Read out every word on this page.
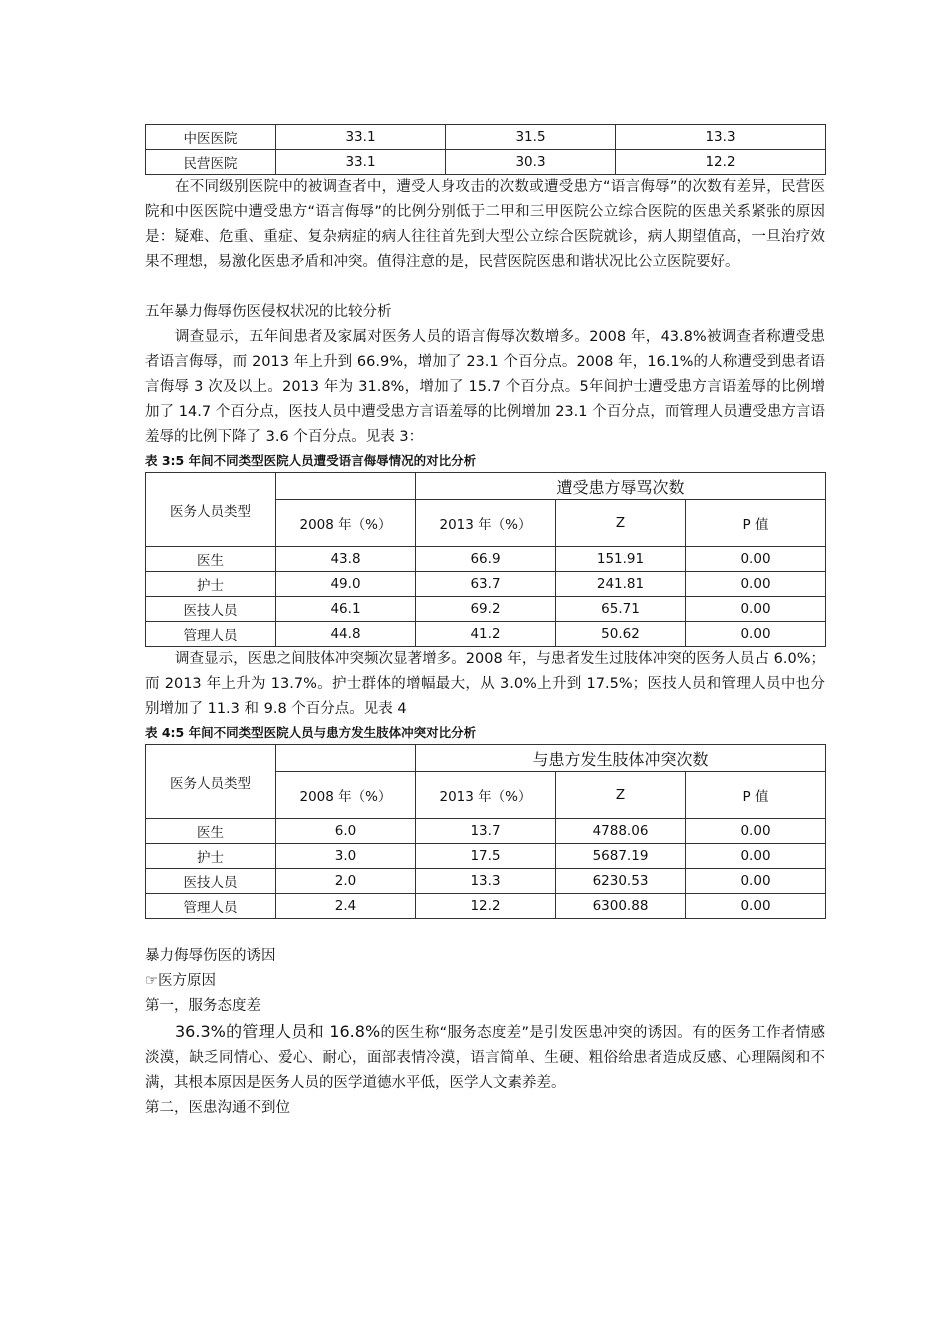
中医医院	33.1	31.5	13.3
民营医院	33.1	30.3	12.2

在不同级别医院中的被调查者中，遭受人身攻击的次数或遭受患方“语言侮辱”的次数有差异，民营医院和中医医院中遭受患方“语言侮辱”的比例分别低于二甲和三甲医院公立综合医院的医患关系紧张的原因是：疑难、危重、重症、复杂病症的病人往往首先到大型公立综合医院就诊，病人期望值高，一旦治疗效果不理想，易激化医患矛盾和冲突。值得注意的是，民营医院医患和谐状况比公立医院要好。

五年暴力侮辱伤医侵权状况的比较分析

调查显示，五年间患者及家属对医务人员的语言侮辱次数增多。2008 年，43.8%被调查者称遭受患者语言侮辱，而 2013 年上升到 66.9%，增加了 23.1 个百分点。2008 年，16.1%的人称遭受到患者语言侮辱 3 次及以上。2013 年为 31.8%，增加了 15.7 个百分点。5年间护士遭受患方言语羞辱的比例增加了 14.7 个百分点，医技人员中遭受患方言语羞辱的比例增加 23.1 个百分点，而管理人员遭受患方言语羞辱的比例下降了 3.6 个百分点。见表 3：

表 3:5 年间不同类型医院人员遭受语言侮辱情况的对比分析

医务人员类型		遭受患方辱骂次数		
	2008 年（%）	2013 年（%）	Z	P 值
医生	43.8	66.9	151.91	0.00
护士	49.0	63.7	241.81	0.00
医技人员	46.1	69.2	65.71	0.00
管理人员	44.8	41.2	50.62	0.00

调查显示，医患之间肢体冲突频次显著增多。2008 年，与患者发生过肢体冲突的医务人员占 6.0%；而 2013 年上升为 13.7%。护士群体的增幅最大，从 3.0%上升到 17.5%；医技人员和管理人员中也分别增加了 11.3 和 9.8 个百分点。见表 4

表 4:5 年间不同类型医院人员与患方发生肢体冲突对比分析

医务人员类型		与患方发生肢体冲突次数		
	2008 年（%）	2013 年（%）	Z	P 值
医生	6.0	13.7	4788.06	0.00
护士	3.0	17.5	5687.19	0.00
医技人员	2.0	13.3	6230.53	0.00
管理人员	2.4	12.2	6300.88	0.00

暴力侮辱伤医的诱因

☞医方原因

第一，服务态度差

36.3%的管理人员和 16.8%的医生称“服务态度差”是引发医患冲突的诱因。有的医务工作者情感淡漠，缺乏同情心、爱心、耐心，面部表情冷漠，语言简单、生硬、粗俗给患者造成反感、心理隔阂和不满，其根本原因是医务人员的医学道德水平低，医学人文素养差。

第二，医患沟通不到位
